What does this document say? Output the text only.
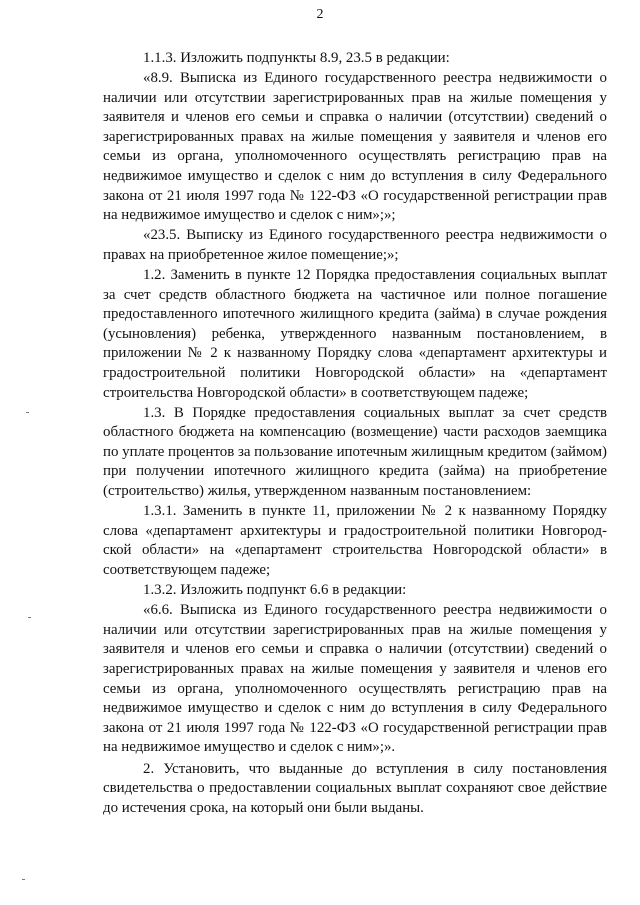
2

1.1.3. Изложить подпункты 8.9, 23.5 в редакции:

«8.9. Выписка из Единого государственного реестра недвижимости о наличии или отсутствии зарегистрированных прав на жилые помещения у заявителя и членов его семьи и справка о наличии (отсутствии) сведений о зарегистрированных правах на жилые помещения у заявителя и членов его семьи из органа, уполномоченного осуществлять регистрацию прав на недвижимое имущество и сделок с ним до вступления в силу Федерального закона от 21 июля 1997 года № 122-ФЗ «О государственной регистрации прав на недвижимое имущество и сделок с ним»;»;

«23.5. Выписку из Единого государственного реестра недвижимости о правах на приобретенное жилое помещение;»;

1.2. Заменить в пункте 12 Порядка предоставления социальных выплат за счет средств областного бюджета на частичное или полное погашение предоставленного ипотечного жилищного кредита (займа) в случае рождения (усыновления) ребенка, утвержденного названным постановлением, в приложении № 2 к названному Порядку слова «департамент архитектуры и градостроительной политики Новгородской области» на «департамент строительства Новгородской области» в соответствующем падеже;

1.3. В Порядке предоставления социальных выплат за счет средств областного бюджета на компенсацию (возмещение) части расходов заемщика по уплате процентов за пользование ипотечным жилищным кредитом (займом) при получении ипотечного жилищного кредита (займа) на приобретение (строительство) жилья, утвержденном названным постановлением:

1.3.1. Заменить в пункте 11, приложении № 2 к названному Порядку слова «департамент архитектуры и градостроительной политики Новгородской области» на «департамент строительства Новгородской области» в соответствующем падеже;

1.3.2. Изложить подпункт 6.6 в редакции:

«6.6. Выписка из Единого государственного реестра недвижимости о наличии или отсутствии зарегистрированных прав на жилые помещения у заявителя и членов его семьи и справка о наличии (отсутствии) сведений о зарегистрированных правах на жилые помещения у заявителя и членов его семьи из органа, уполномоченного осуществлять регистрацию прав на недвижимое имущество и сделок с ним до вступления в силу Федерального закона от 21 июля 1997 года № 122-ФЗ «О государственной регистрации прав на недвижимое имущество и сделок с ним»;».

2. Установить, что выданные до вступления в силу постановления свидетельства о предоставлении социальных выплат сохраняют свое действие до истечения срока, на который они были выданы.
